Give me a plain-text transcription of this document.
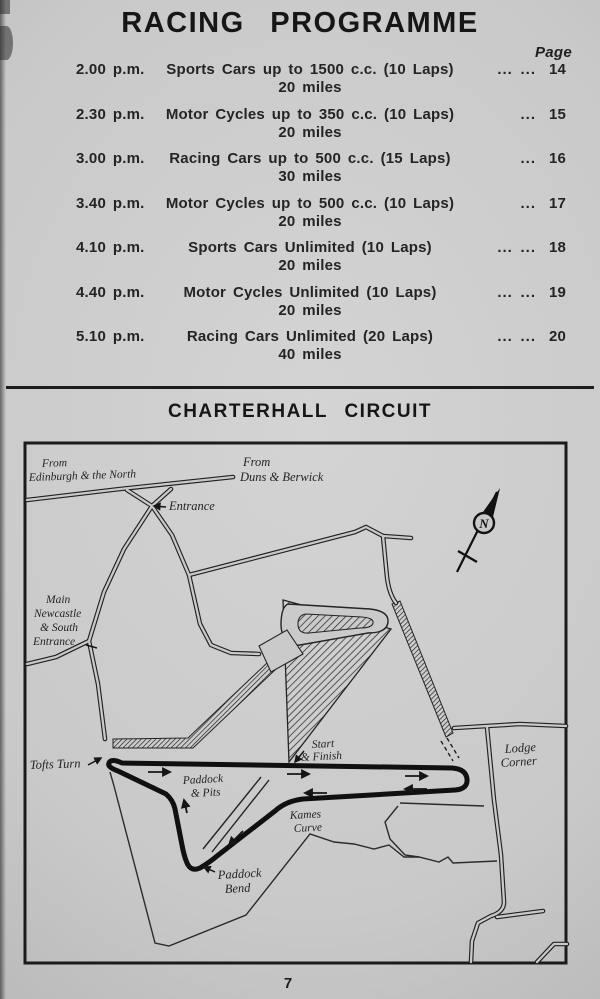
RACING PROGRAMME
Page
2.00 p.m.	Sports Cars up to 1500 c.c. (10 Laps)	... ... 14
20 miles
2.30 p.m.	Motor Cycles up to 350 c.c. (10 Laps)	... 15
20 miles
3.00 p.m.	Racing Cars up to 500 c.c. (15 Laps)	... 16
30 miles
3.40 p.m.	Motor Cycles up to 500 c.c. (10 Laps)	... 17
20 miles
4.10 p.m.	Sports Cars Unlimited (10 Laps)	... ... 18
20 miles
4.40 p.m.	Motor Cycles Unlimited (10 Laps)	... ... 19
20 miles
5.10 p.m.	Racing Cars Unlimited (20 Laps)	... ... 20
40 miles
CHARTERHALL CIRCUIT
N
From
Edinburgh & the North
From
Duns & Berwick
Entrance
Main
Newcastle
& South
Entrance
Tofts Turn
Paddock
& Pits
Start
& Finish
Kames
Curve
Paddock
Bend
Lodge
Corner
7
